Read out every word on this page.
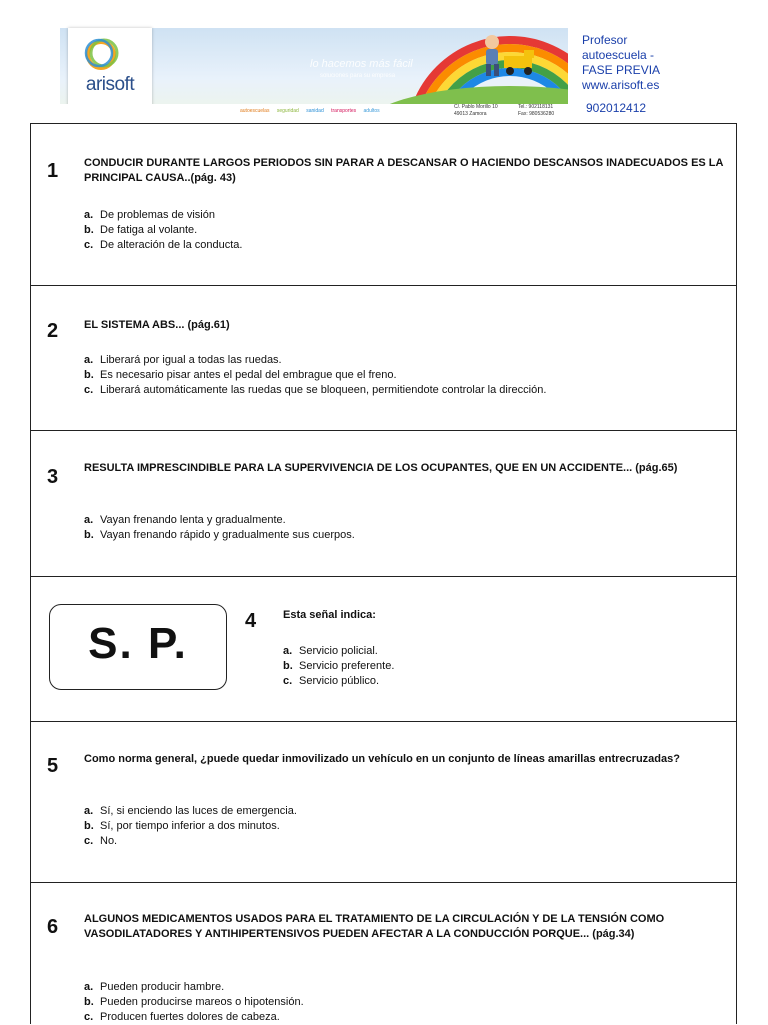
lo hacemos más fácil
soluciones para su empresa
arisoft
autoescuelas seguridad sanidad transportes adultos
C/. Pablo Morillo 10
49013 Zamora
Tel.: 902118131
Fax: 980536280
Profesor
autoescuela -
FASE PREVIA
www.arisoft.es
902012412
1 CONDUCIR DURANTE LARGOS PERIODOS SIN PARAR A DESCANSAR O HACIENDO DESCANSOS INADECUADOS ES LA PRINCIPAL CAUSA..(pág. 43)
a. De problemas de visión
b. De fatiga al volante.
c. De alteración de la conducta.
2 EL SISTEMA ABS... (pág.61)
a. Liberará por igual a todas las ruedas.
b. Es necesario pisar antes el pedal del embrague que el freno.
c. Liberará automáticamente las ruedas que se bloqueen, permitiendote controlar la dirección.
3 RESULTA IMPRESCINDIBLE PARA LA SUPERVIVENCIA DE LOS OCUPANTES, QUE EN UN ACCIDENTE... (pág.65)
a. Vayan frenando lenta y gradualmente.
b. Vayan frenando rápido y gradualmente sus cuerpos.
S. P.	4 Esta señal indica:
a. Servicio policial.
b. Servicio preferente.
c. Servicio público.
5 Como norma general, ¿puede quedar inmovilizado un vehículo en un conjunto de líneas amarillas entrecruzadas?
a. Sí, si enciendo las luces de emergencia.
b. Sí, por tiempo inferior a dos minutos.
c. No.
6 ALGUNOS MEDICAMENTOS USADOS PARA EL TRATAMIENTO DE LA CIRCULACIÓN Y DE LA TENSIÓN COMO VASODILATADORES Y ANTIHIPERTENSIVOS PUEDEN AFECTAR A LA CONDUCCIÓN PORQUE... (pág.34)
a. Pueden producir hambre.
b. Pueden producirse mareos o hipotensión.
c. Producen fuertes dolores de cabeza.
